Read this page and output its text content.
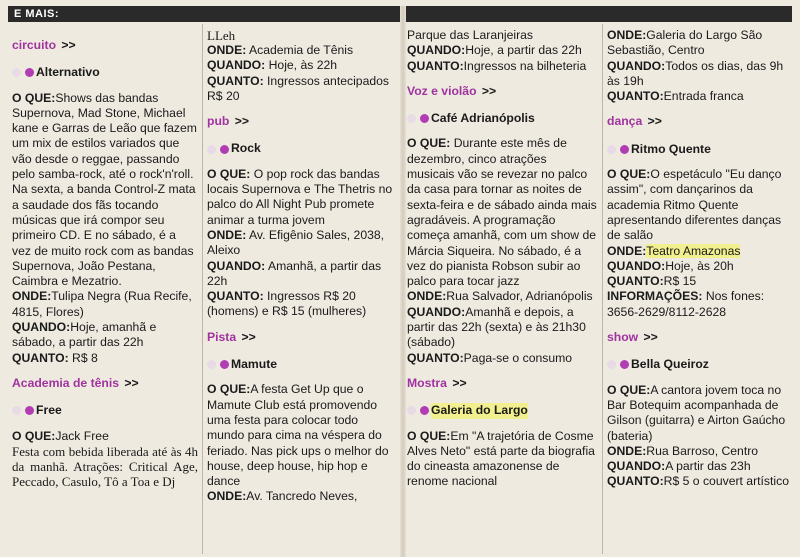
E MAIS:
circuito >>
Alternativo

O QUE:Shows das bandas Supernova, Mad Stone, Michael kane e Garras de Leão que fazem um mix de estilos variados que vão desde o reggae, passando pelo samba-rock, até o rock'n'roll. Na sexta, a banda Control-Z mata a saudade dos fãs tocando músicas que irá compor seu primeiro CD. E no sábado, é a vez de muito rock com as bandas Supernova, João Pestana, Caimbra e Mezatrio.

ONDE:Tulipa Negra (Rua Recife, 4815, Flores)

QUANDO:Hoje, amanhã e sábado, a partir das 22h

QUANTO: R$ 8

Academia de tênis >>
Free

O QUE:Jack Free

Festa com bebida liberada até às 4h da manhã. Atrações: Critical Age, Peccado, Casulo, Tô a Toa e Dj

LLeh

ONDE: Academia de Tênis

QUANDO: Hoje, às 22h

QUANTO: Ingressos antecipados R$ 20

pub >>
Rock

O QUE: O pop rock das bandas locais Supernova e The Thetris no palco do All Night Pub promete animar a turma jovem

ONDE: Av. Efigênio Sales, 2038, Aleixo

QUANDO: Amanhã, a partir das 22h

QUANTO: Ingressos R$ 20 (homens) e R$ 15 (mulheres)

Pista >>
Mamute

O QUE:A festa Get Up que o Mamute Club está promovendo uma festa para colocar todo mundo para cima na véspera do feriado. Nas pick ups o melhor do house, deep house, hip hop e dance

ONDE:Av. Tancredo Neves,

Parque das Laranjeiras

QUANDO:Hoje, a partir das 22h

QUANTO:Ingressos na bilheteria

Voz e violão >>
Café Adrianópolis

O QUE: Durante este mês de dezembro, cinco atrações musicais vão se revezar no palco da casa para tornar as noites de sexta-feira e de sábado ainda mais agradáveis. A programação começa amanhã, com um show de Márcia Siqueira. No sábado, é a vez do pianista Robson subir ao palco para tocar jazz

ONDE:Rua Salvador, Adrianópolis

QUANDO:Amanhã e depois, a partir das 22h (sexta) e às 21h30 (sábado)

QUANTO:Paga-se o consumo

Mostra >>
Galeria do Largo

O QUE:Em "A trajetória de Cosme Alves Neto" está parte da biografia do cineasta amazonense de renome nacional

ONDE:Galeria do Largo São Sebastião, Centro

QUANDO:Todos os dias, das 9h às 19h

QUANTO:Entrada franca

dança >>
Ritmo Quente

O QUE:O espetáculo "Eu danço assim", com dançarinos da academia Ritmo Quente apresentando diferentes danças de salão

ONDE:Teatro Amazonas

QUANDO:Hoje, às 20h

QUANTO:R$ 15

INFORMAÇÕES: Nos fones: 3656-2629/8112-2628

show >>
Bella Queiroz

O QUE:A cantora jovem toca no Bar Botequim acompanhada de Gilson (guitarra) e Airton Gaúcho (bateria)

ONDE:Rua Barroso, Centro

QUANDO:A partir das 23h

QUANTO:R$ 5 o couvert artístico
